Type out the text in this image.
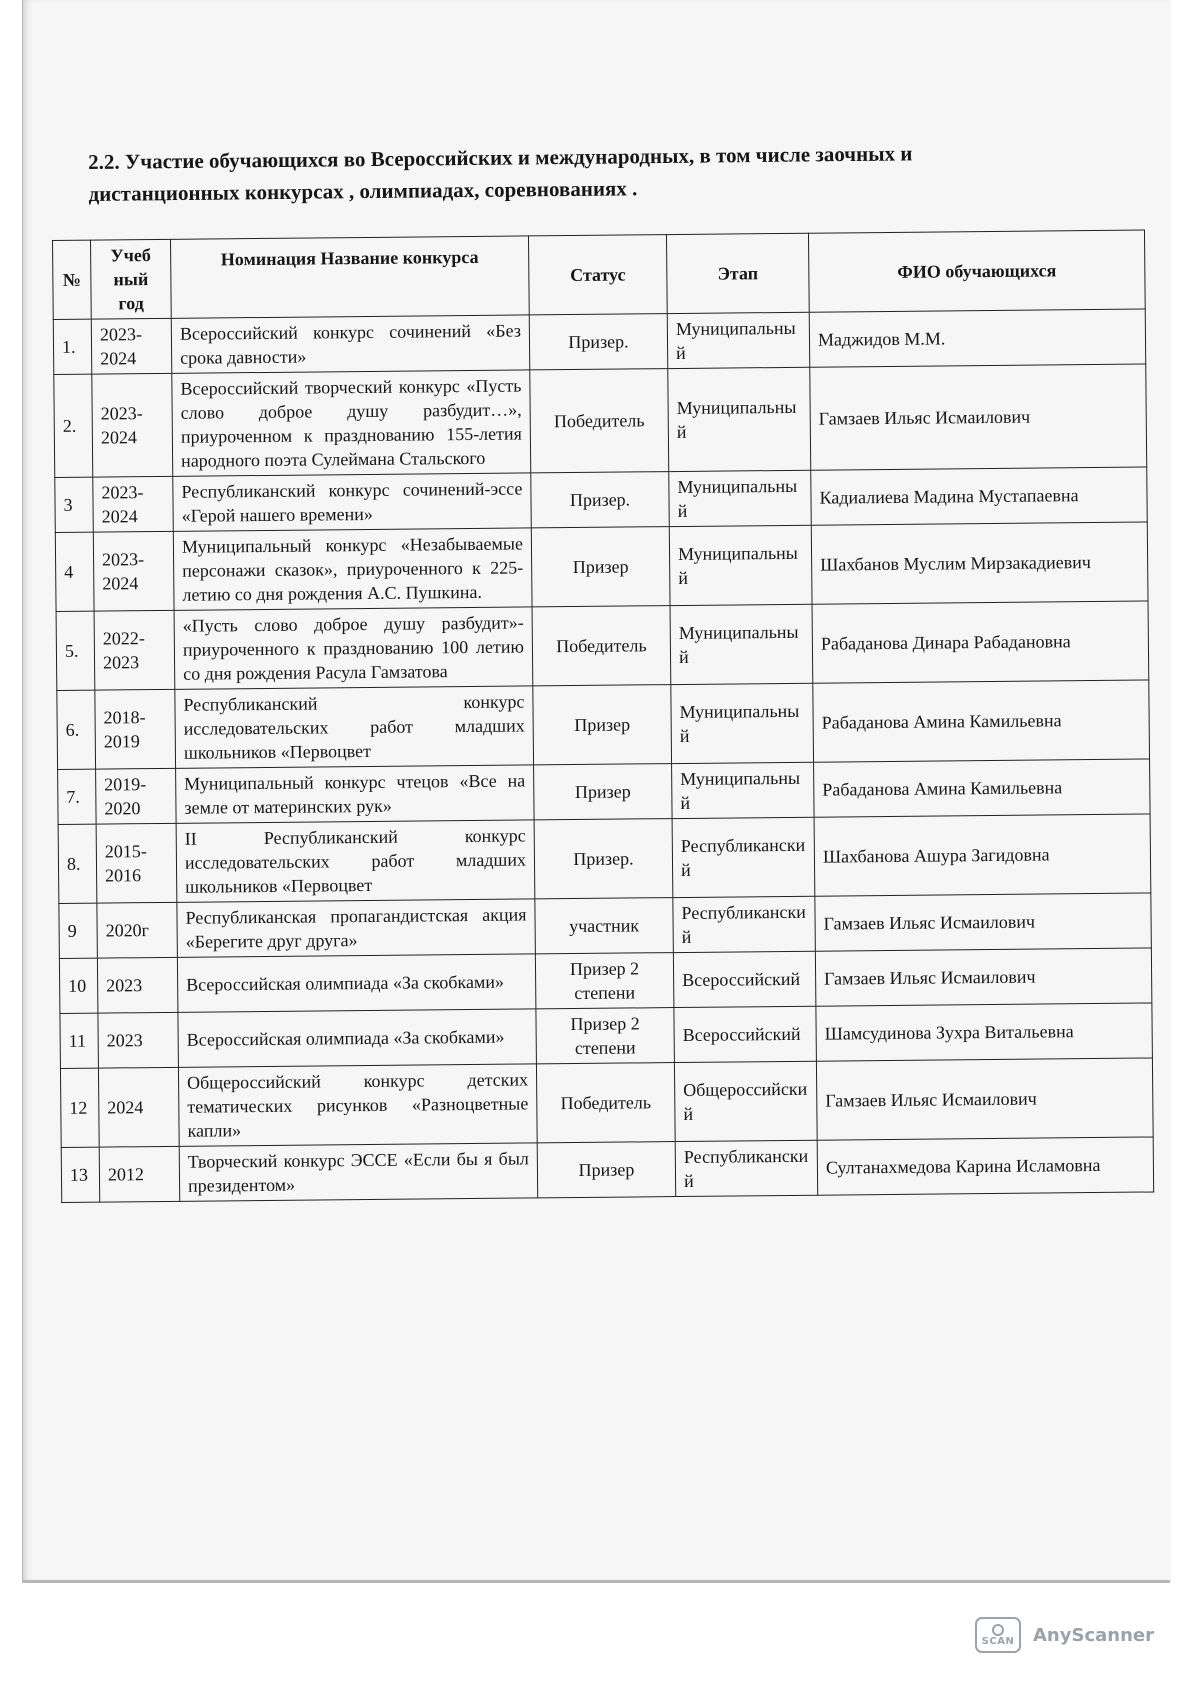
2.2. Участие обучающихся во Всероссийских и международных, в том числе заочных и
дистанционных конкурсах , олимпиадах, соревнованиях .
№	Учеб ный год	Номинация Название конкурса	Статус	Этап	ФИО обучающихся
1.	2023-2024	Всероссийский конкурс сочинений «Без срока давности»	Призер.	Муниципальный	Маджидов М.М.
2.	2023-2024	Всероссийский творческий конкурс «Пусть слово доброе душу разбудит…», приуроченном к празднованию 155-летия народного поэта Сулеймана Стальского	Победитель	Муниципальный	Гамзаев Ильяс Исмаилович
3	2023-2024	Республиканский конкурс сочинений-эссе «Герой нашего времени»	Призер.	Муниципальный	Кадиалиева Мадина Мустапаевна
4	2023-2024	Муниципальный конкурс «Незабываемые персонажи сказок», приуроченного к 225-летию со дня рождения А.С. Пушкина.	Призер	Муниципальный	Шахбанов Муслим Мирзакадиевич
5.	2022-2023	«Пусть слово доброе душу разбудит»-приуроченного к празднованию 100 летию со дня рождения Расула Гамзатова	Победитель	Муниципальный	Рабаданова Динара Рабадановна
6.	2018-2019	Республиканский конкурс исследовательских работ младших школьников «Первоцвет	Призер	Муниципальный	Рабаданова Амина Камильевна
7.	2019-2020	Муниципальный конкурс чтецов «Все на земле от материнских рук»	Призер	Муниципальный	Рабаданова Амина Камильевна
8.	2015-2016	II Республиканский конкурс исследовательских работ младших школьников «Первоцвет	Призер.	Республиканский	Шахбанова Ашура Загидовна
9	2020г	Республиканская пропагандистская акция «Берегите друг друга»	участник	Республиканский	Гамзаев Ильяс Исмаилович
10	2023	Всероссийская олимпиада «За скобками»	Призер 2 степени	Всероссийский	Гамзаев Ильяс Исмаилович
11	2023	Всероссийская олимпиада «За скобками»	Призер 2 степени	Всероссийский	Шамсудинова Зухра Витальевна
12	2024	Общероссийский конкурс детских тематических рисунков «Разноцветные капли»	Победитель	Общероссийский	Гамзаев Ильяс Исмаилович
13	2012	Творческий конкурс ЭССЕ «Если бы я был президентом»	Призер	Республиканский	Султанахмедова Карина Исламовна
SCAN AnyScanner
